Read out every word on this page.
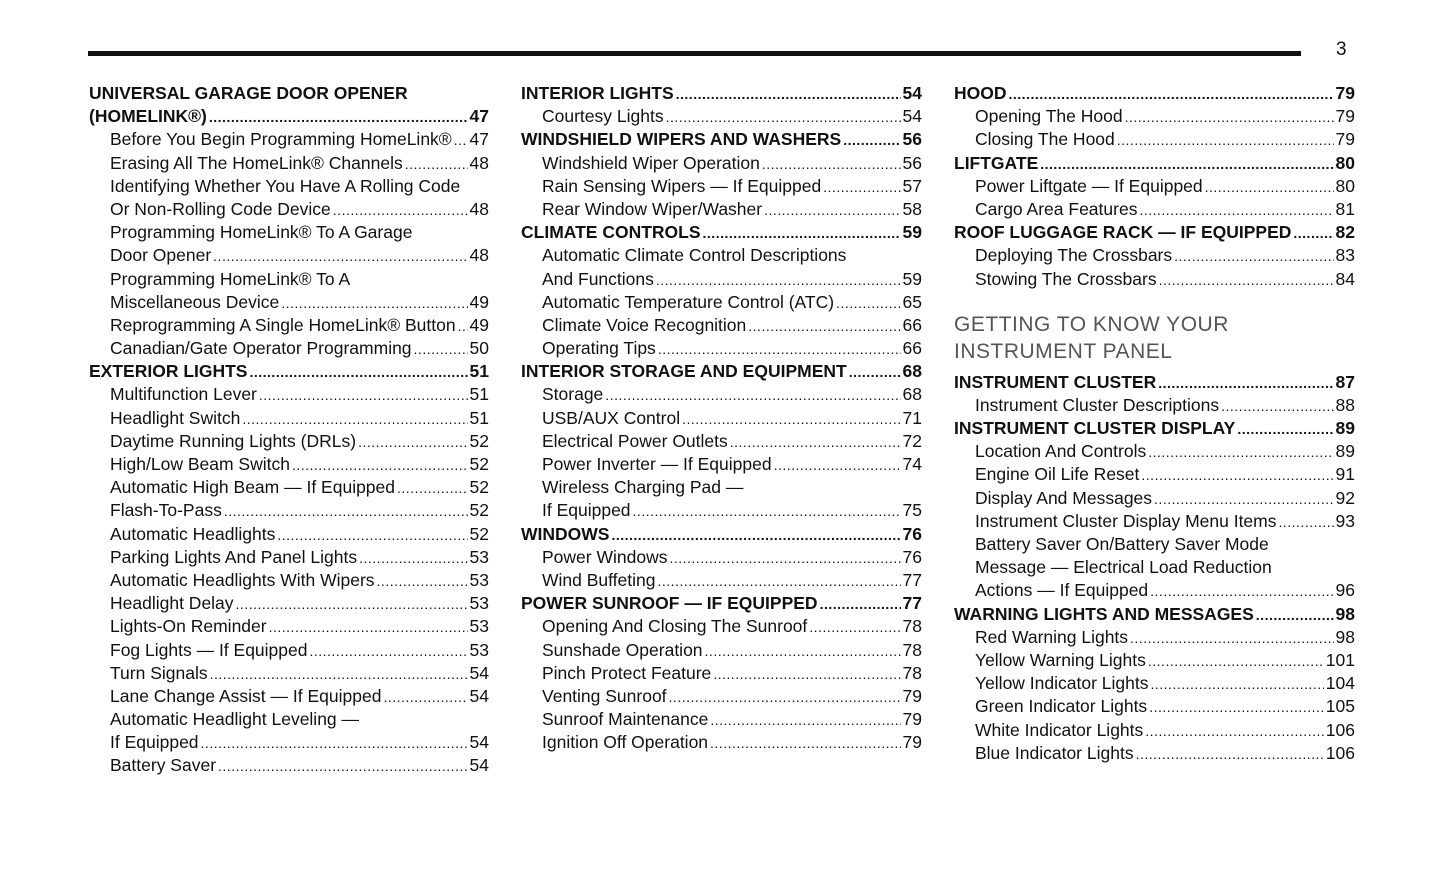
3
UNIVERSAL GARAGE DOOR OPENER
(HOMELINK®) .....	47
Before You Begin Programming HomeLink® ..... 47
Erasing All The HomeLink® Channels .....	48
Identifying Whether You Have A Rolling Code
Or Non-Rolling Code Device .....	48
Programming HomeLink® To A Garage
Door Opener .....	48
Programming HomeLink® To A
Miscellaneous Device .....	49
Reprogramming A Single HomeLink® Button ..... 49
Canadian/Gate Operator Programming .....	50
EXTERIOR LIGHTS .....	51
Multifunction Lever .....	51
Headlight Switch .....	51
Daytime Running Lights (DRLs) .....	52
High/Low Beam Switch .....	52
Automatic High Beam — If Equipped .....	52
Flash-To-Pass .....	52
Automatic Headlights .....	52
Parking Lights And Panel Lights .....	53
Automatic Headlights With Wipers .....	53
Headlight Delay .....	53
Lights-On Reminder .....	53
Fog Lights — If Equipped .....	53
Turn Signals .....	54
Lane Change Assist — If Equipped .....	54
Automatic Headlight Leveling —
If Equipped .....	54
Battery Saver .....	54
INTERIOR LIGHTS .....	54
Courtesy Lights .....	54
WINDSHIELD WIPERS AND WASHERS .....	56
Windshield Wiper Operation .....	56
Rain Sensing Wipers — If Equipped .....	57
Rear Window Wiper/Washer .....	58
CLIMATE CONTROLS .....	59
Automatic Climate Control Descriptions
And Functions .....	59
Automatic Temperature Control (ATC) .....	65
Climate Voice Recognition .....	66
Operating Tips .....	66
INTERIOR STORAGE AND EQUIPMENT .....	68
Storage .....	68
USB/AUX Control .....	71
Electrical Power Outlets .....	72
Power Inverter — If Equipped .....	74
Wireless Charging Pad —
If Equipped .....	75
WINDOWS .....	76
Power Windows .....	76
Wind Buffeting .....	77
POWER SUNROOF — IF EQUIPPED .....	77
Opening And Closing The Sunroof .....	78
Sunshade Operation .....	78
Pinch Protect Feature .....	78
Venting Sunroof .....	79
Sunroof Maintenance .....	79
Ignition Off Operation .....	79
HOOD .....	79
Opening The Hood .....	79
Closing The Hood .....	79
LIFTGATE .....	80
Power Liftgate — If Equipped .....	80
Cargo Area Features .....	81
ROOF LUGGAGE RACK — IF EQUIPPED .....	82
Deploying The Crossbars .....	83
Stowing The Crossbars .....	84
GETTING TO KNOW YOUR
INSTRUMENT PANEL
INSTRUMENT CLUSTER .....	87
Instrument Cluster Descriptions .....	88
INSTRUMENT CLUSTER DISPLAY .....	89
Location And Controls .....	89
Engine Oil Life Reset .....	91
Display And Messages .....	92
Instrument Cluster Display Menu Items .....	93
Battery Saver On/Battery Saver Mode
Message — Electrical Load Reduction
Actions — If Equipped .....	96
WARNING LIGHTS AND MESSAGES .....	98
Red Warning Lights .....	98
Yellow Warning Lights .....	101
Yellow Indicator Lights .....	104
Green Indicator Lights .....	105
White Indicator Lights .....	106
Blue Indicator Lights .....	106
